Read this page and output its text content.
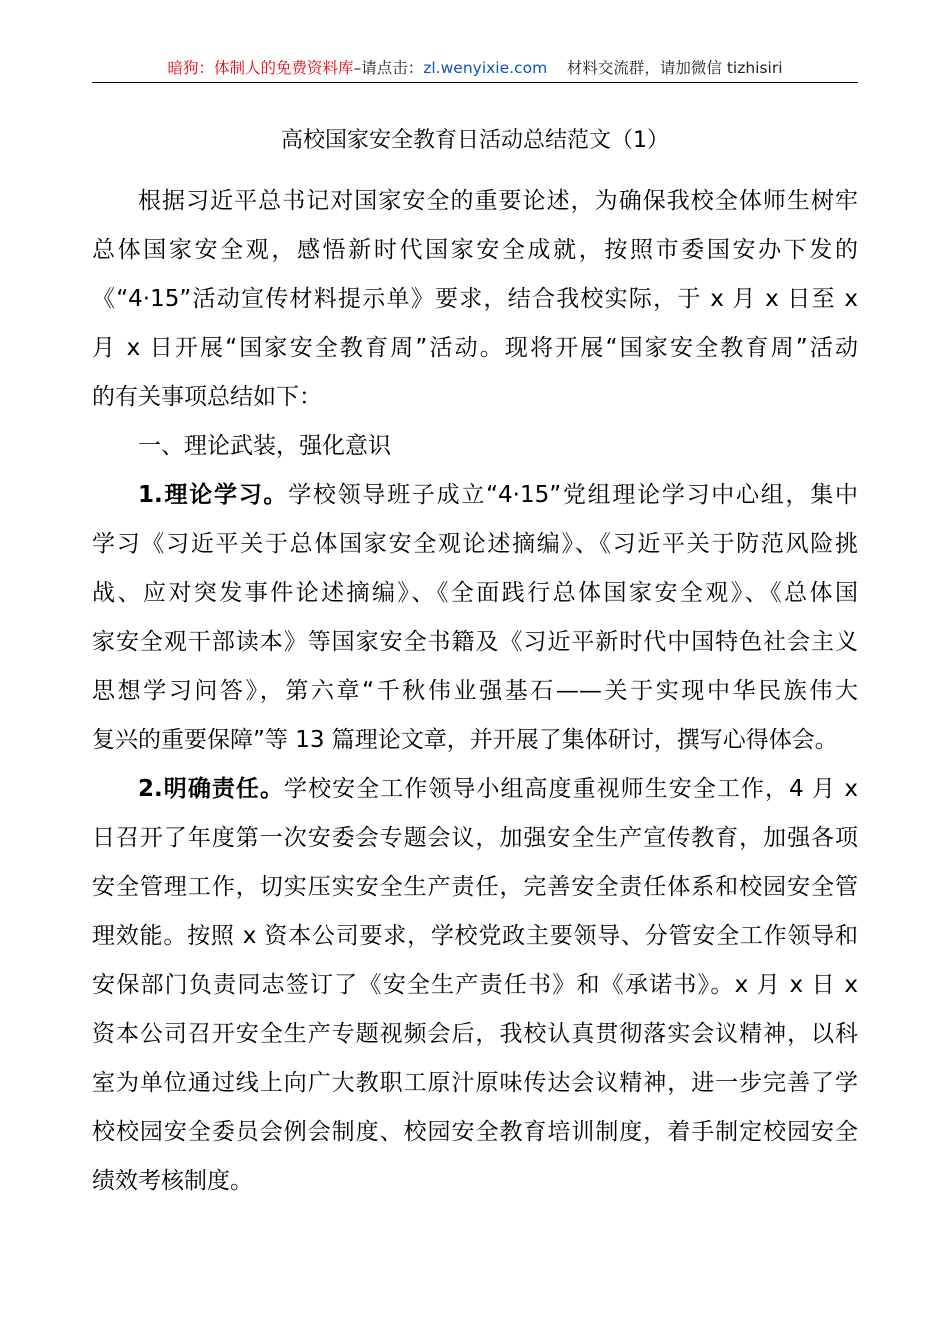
暗狗：体制人的免费资料库–请点击：zl.wenyixie.com 材料交流群，请加微信 tizhisiri
高校国家安全教育日活动总结范文（1）
根据习近平总书记对国家安全的重要论述，为确保我校全体师生树牢
总体国家安全观，感悟新时代国家安全成就，按照市委国安办下发的
《“4·15”活动宣传材料提示单》要求，结合我校实际，于 x 月 x 日至 x
月 x 日开展“国家安全教育周”活动。现将开展“国家安全教育周”活动
的有关事项总结如下：
一、理论武装，强化意识
1.理论学习。学校领导班子成立“4·15”党组理论学习中心组，集中
学习《习近平关于总体国家安全观论述摘编》、《习近平关于防范风险挑
战、应对突发事件论述摘编》、《全面践行总体国家安全观》、《总体国
家安全观干部读本》等国家安全书籍及《习近平新时代中国特色社会主义
思想学习问答》，第六章“千秋伟业强基石——关于实现中华民族伟大
复兴的重要保障”等 13 篇理论文章，并开展了集体研讨，撰写心得体会。
2.明确责任。学校安全工作领导小组高度重视师生安全工作，4 月 x
日召开了年度第一次安委会专题会议，加强安全生产宣传教育，加强各项
安全管理工作，切实压实安全生产责任，完善安全责任体系和校园安全管
理效能。按照 x 资本公司要求，学校党政主要领导、分管安全工作领导和
安保部门负责同志签订了《安全生产责任书》和《承诺书》。x 月 x 日 x
资本公司召开安全生产专题视频会后，我校认真贯彻落实会议精神，以科
室为单位通过线上向广大教职工原汁原味传达会议精神，进一步完善了学
校校园安全委员会例会制度、校园安全教育培训制度，着手制定校园安全
绩效考核制度。
